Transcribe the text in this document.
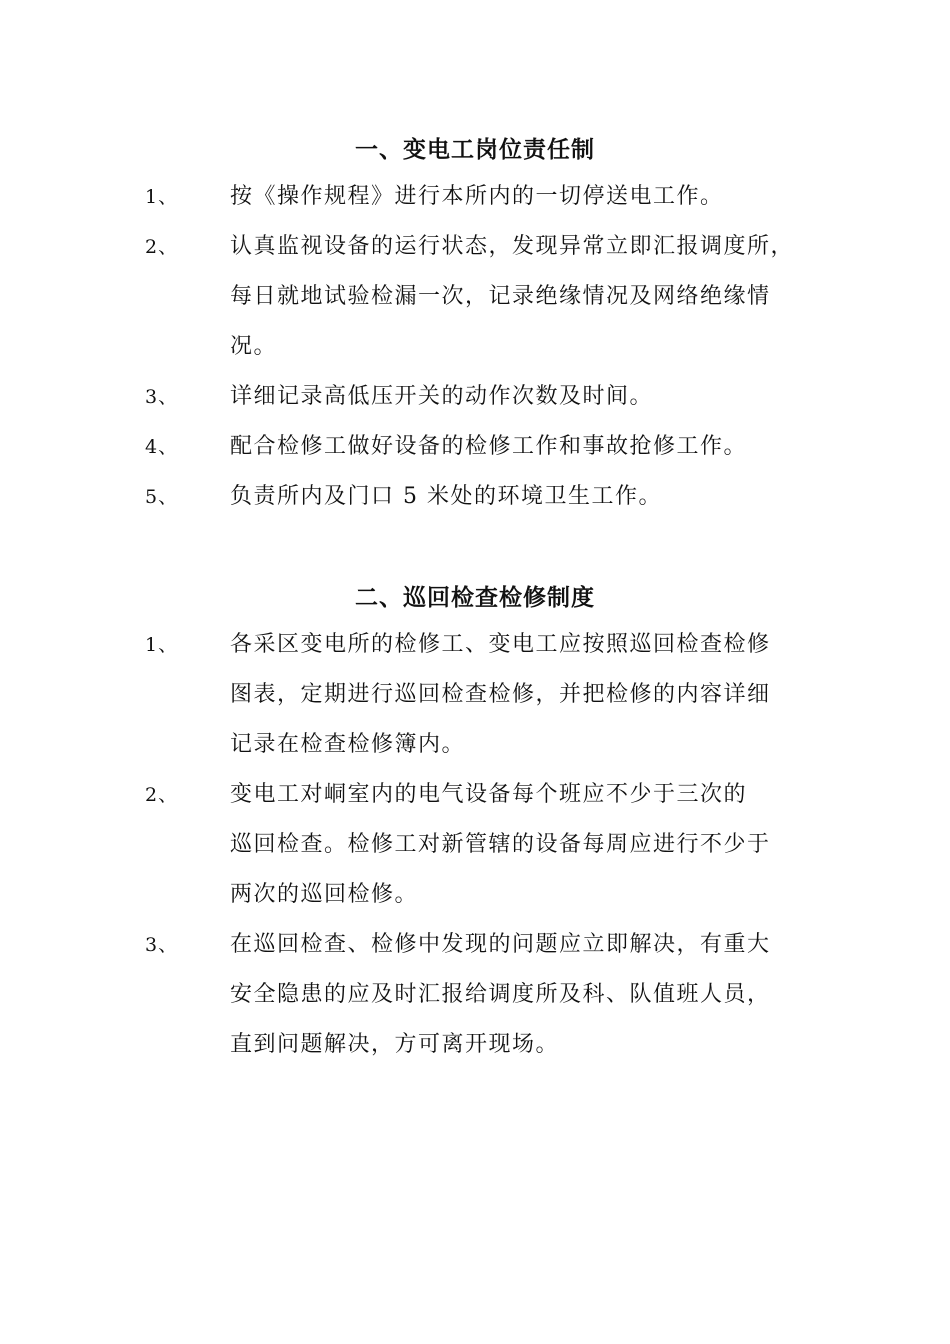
一、变电工岗位责任制
1、 按《操作规程》进行本所内的一切停送电工作。
2、 认真监视设备的运行状态，发现异常立即汇报调度所，
每日就地试验检漏一次，记录绝缘情况及网络绝缘情
况。
3、 详细记录高低压开关的动作次数及时间。
4、 配合检修工做好设备的检修工作和事故抢修工作。
5、 负责所内及门口 5 米处的环境卫生工作。
二、巡回检查检修制度
1、 各采区变电所的检修工、变电工应按照巡回检查检修
图表，定期进行巡回检查检修，并把检修的内容详细
记录在检查检修簿内。
2、 变电工对峒室内的电气设备每个班应不少于三次的
巡回检查。检修工对新管辖的设备每周应进行不少于
两次的巡回检修。
3、 在巡回检查、检修中发现的问题应立即解决，有重大
安全隐患的应及时汇报给调度所及科、队值班人员，
直到问题解决，方可离开现场。
